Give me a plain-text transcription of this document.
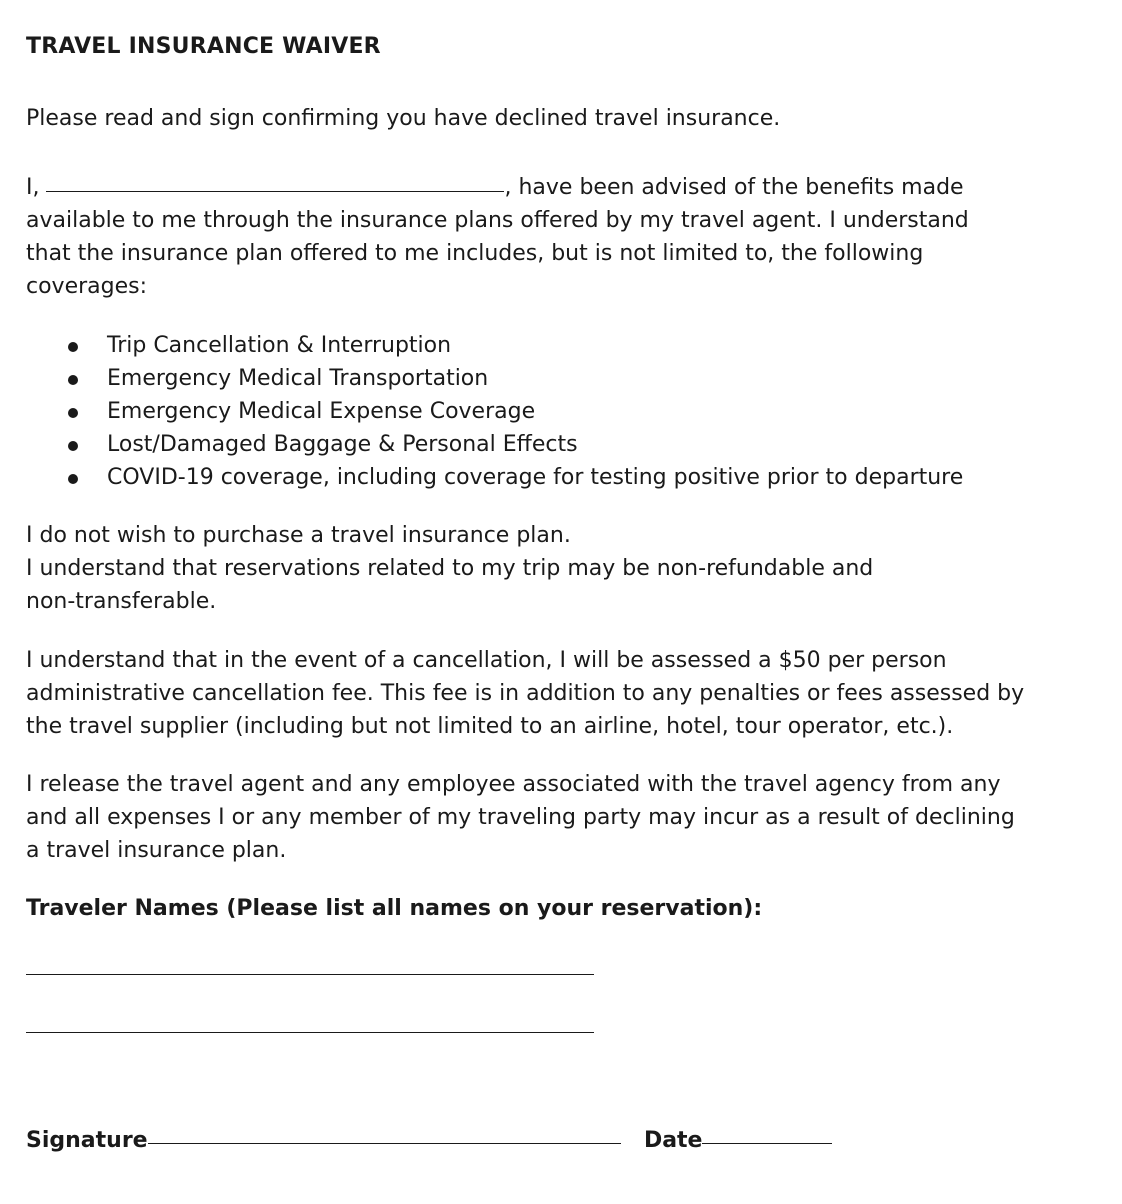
TRAVEL INSURANCE WAIVER
Please read and sign confirming you have declined travel insurance.
I,	, have been advised of the benefits made
available to me through the insurance plans offered by my travel agent. I understand
that the insurance plan offered to me includes, but is not limited to, the following
coverages:
Trip Cancellation & Interruption
Emergency Medical Transportation
Emergency Medical Expense Coverage
Lost/Damaged Baggage & Personal Effects
COVID-19 coverage, including coverage for testing positive prior to departure
I do not wish to purchase a travel insurance plan.
I understand that reservations related to my trip may be non-refundable and
non-transferable.
I understand that in the event of a cancellation, I will be assessed a $50 per person
administrative cancellation fee. This fee is in addition to any penalties or fees assessed by
the travel supplier (including but not limited to an airline, hotel, tour operator, etc.).
I release the travel agent and any employee associated with the travel agency from any
and all expenses I or any member of my traveling party may incur as a result of declining
a travel insurance plan.
Traveler Names (Please list all names on your reservation):
Signature	Date
